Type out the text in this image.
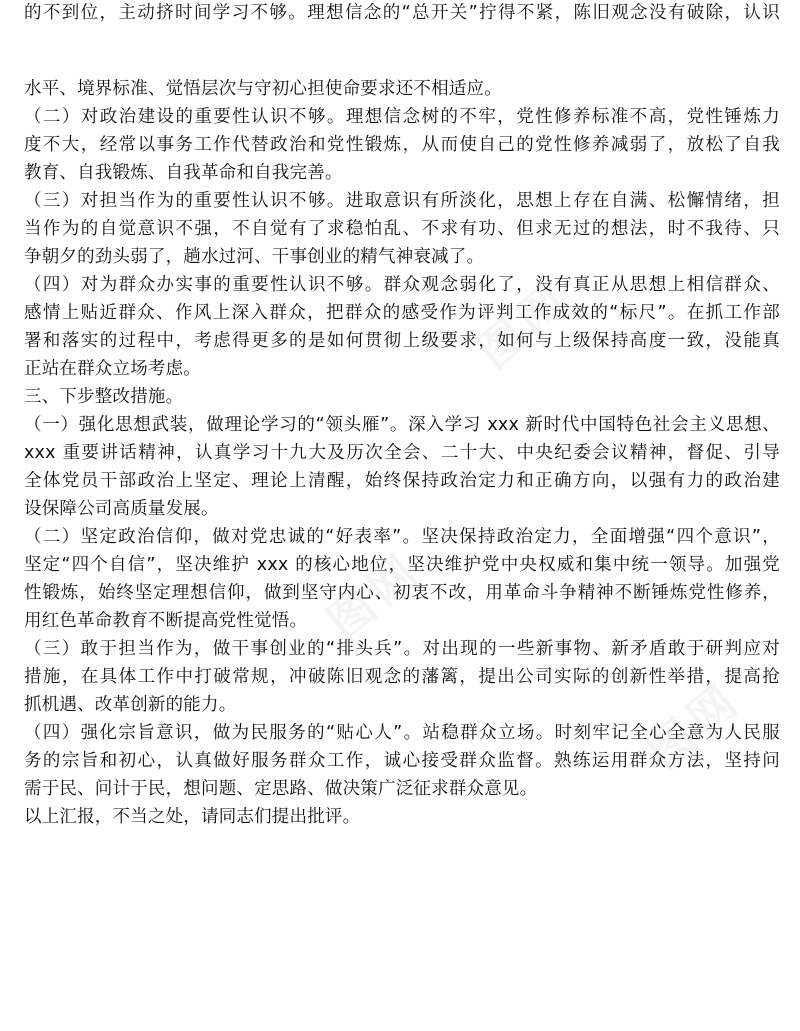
图网
图网
图网
的不到位，主动挤时间学习不够。理想信念的“总开关”拧得不紧，陈旧观念没有破除，认识
水平、境界标准、觉悟层次与守初心担使命要求还不相适应。
（二）对政治建设的重要性认识不够。理想信念树的不牢，党性修养标准不高，党性锤炼力
度不大，经常以事务工作代替政治和党性锻炼，从而使自己的党性修养减弱了，放松了自我
教育、自我锻炼、自我革命和自我完善。
（三）对担当作为的重要性认识不够。进取意识有所淡化，思想上存在自满、松懈情绪，担
当作为的自觉意识不强，不自觉有了求稳怕乱、不求有功、但求无过的想法，时不我待、只
争朝夕的劲头弱了，趟水过河、干事创业的精气神衰减了。
（四）对为群众办实事的重要性认识不够。群众观念弱化了，没有真正从思想上相信群众、
感情上贴近群众、作风上深入群众，把群众的感受作为评判工作成效的“标尺”。在抓工作部
署和落实的过程中，考虑得更多的是如何贯彻上级要求，如何与上级保持高度一致，没能真
正站在群众立场考虑。
三、下步整改措施。
（一）强化思想武装，做理论学习的“领头雁”。深入学习 xxx 新时代中国特色社会主义思想、
xxx 重要讲话精神，认真学习十九大及历次全会、二十大、中央纪委会议精神，督促、引导
全体党员干部政治上坚定、理论上清醒，始终保持政治定力和正确方向，以强有力的政治建
设保障公司高质量发展。
（二）坚定政治信仰，做对党忠诚的“好表率”。坚决保持政治定力，全面增强“四个意识”，
坚定“四个自信”，坚决维护 xxx 的核心地位，坚决维护党中央权威和集中统一领导。加强党
性锻炼，始终坚定理想信仰，做到坚守内心、初衷不改，用革命斗争精神不断锤炼党性修养，
用红色革命教育不断提高党性觉悟。
（三）敢于担当作为，做干事创业的“排头兵”。对出现的一些新事物、新矛盾敢于研判应对
措施，在具体工作中打破常规，冲破陈旧观念的藩篱，提出公司实际的创新性举措，提高抢
抓机遇、改革创新的能力。
（四）强化宗旨意识，做为民服务的“贴心人”。站稳群众立场。时刻牢记全心全意为人民服
务的宗旨和初心，认真做好服务群众工作，诚心接受群众监督。熟练运用群众方法，坚持问
需于民、问计于民，想问题、定思路、做决策广泛征求群众意见。
以上汇报，不当之处，请同志们提出批评。
